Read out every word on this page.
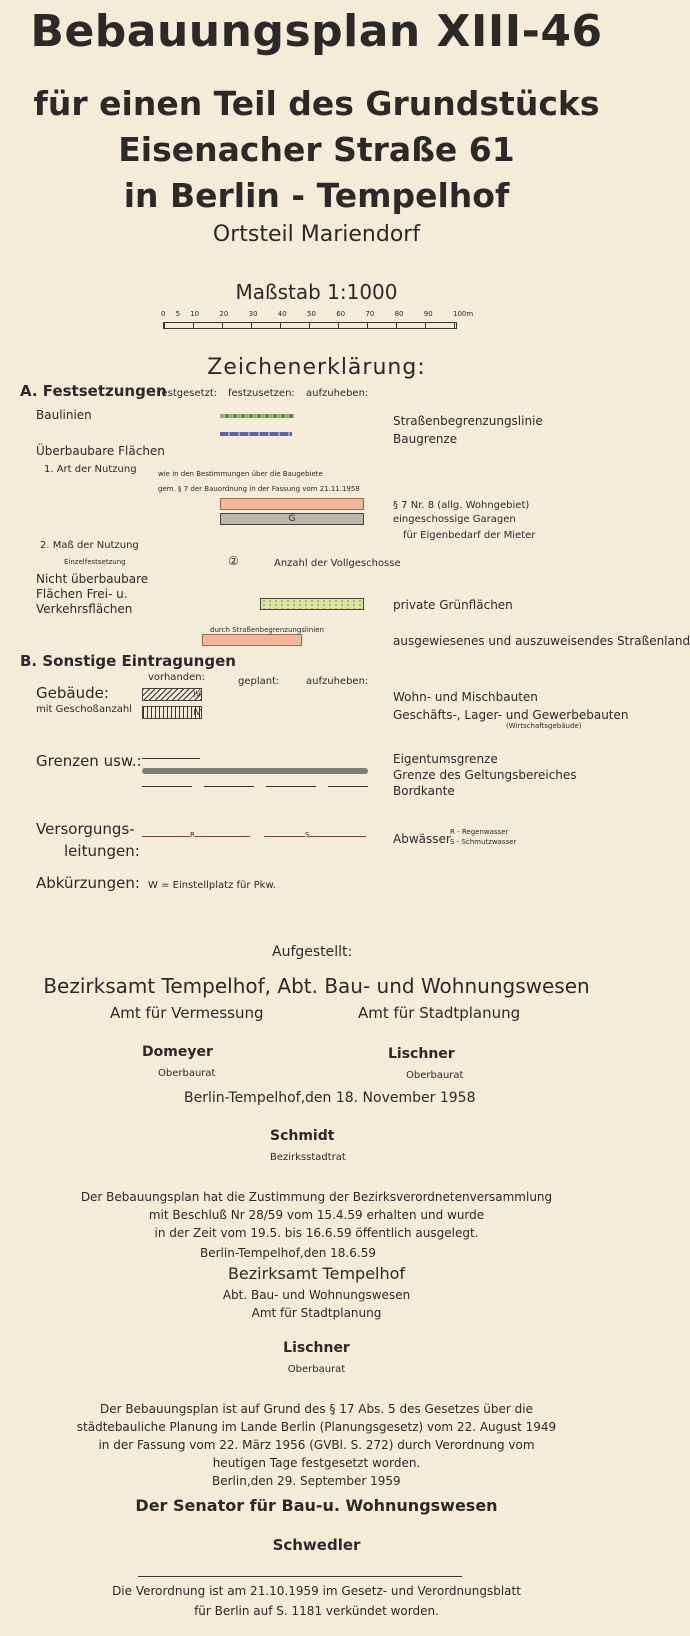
Bebauungsplan XIII-46
für einen Teil des Grundstücks
Eisenacher Straße 61
in Berlin - Tempelhof
Ortsteil Mariendorf
Maßstab 1:1000
0 5 10	20	30	40	50	60	70	80	90	100m
Zeichenerklärung:
A. Festsetzungen
festgesetzt: festzusetzen: aufzuheben:
Baulinien	Straßenbegrenzungslinie
Baugrenze
Überbaubare Flächen
1. Art der Nutzung	wie in den Bestimmungen über die Baugebiete
gem. § 7 der Bauordnung in der Fassung vom 21.11.1958
G
§ 7 Nr. 8 (allg. Wohngebiet)
eingeschossige Garagen
für Eigenbedarf der Mieter
2. Maß der Nutzung
Einzelfestsetzung	②	Anzahl der Vollgeschosse
Nicht überbaubare
Flächen Frei- u.
Verkehrsflächen	private Grünflächen
durch Straßenbegrenzungslinien
ausgewiesenes und auszuweisendes Straßenland
B. Sonstige Eintragungen
vorhanden:	geplant:	aufzuheben:
Gebäude:
mit Geschoßanzahl
IV
IV
Wohn- und Mischbauten
Geschäfts-, Lager- und Gewerbebauten
(Wirtschaftsgebäude)
Grenzen usw.:	Eigentumsgrenze
Grenze des Geltungsbereiches
Bordkante
Versorgungs-
leitungen:
R	S	Abwässer R - Regenwasser
S - Schmutzwasser
Abkürzungen: W = Einstellplatz für Pkw.
Aufgestellt:
Bezirksamt Tempelhof, Abt. Bau- und Wohnungswesen
Amt für Vermessung	Amt für Stadtplanung
Domeyer	Lischner
Oberbaurat	Oberbaurat
Berlin-Tempelhof,den 18. November 1958
Schmidt
Bezirksstadtrat
Der Bebauungsplan hat die Zustimmung der Bezirksverordnetenversammlung
mit Beschluß Nr 28/59 vom 15.4.59 erhalten und wurde
in der Zeit vom 19.5. bis 16.6.59 öffentlich ausgelegt.
Berlin-Tempelhof,den 18.6.59
Bezirksamt Tempelhof
Abt. Bau- und Wohnungswesen
Amt für Stadtplanung
Lischner
Oberbaurat
Der Bebauungsplan ist auf Grund des § 17 Abs. 5 des Gesetzes über die
städtebauliche Planung im Lande Berlin (Planungsgesetz) vom 22. August 1949
in der Fassung vom 22. März 1956 (GVBl. S. 272) durch Verordnung vom
heutigen Tage festgesetzt worden.
Berlin,den 29. September 1959
Der Senator für Bau-u. Wohnungswesen
Schwedler
Die Verordnung ist am 21.10.1959 im Gesetz- und Verordnungsblatt
für Berlin auf S. 1181 verkündet worden.
